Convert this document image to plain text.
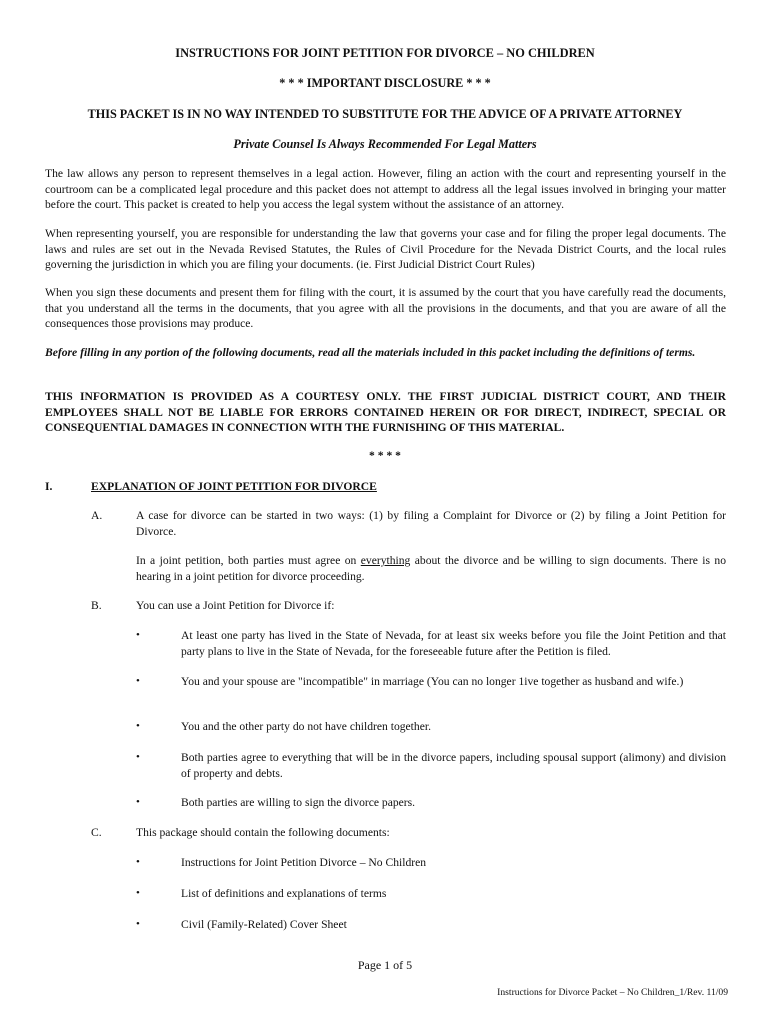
INSTRUCTIONS FOR JOINT PETITION FOR DIVORCE – NO CHILDREN
* * * IMPORTANT DISCLOSURE * * *
THIS PACKET IS IN NO WAY INTENDED TO SUBSTITUTE FOR THE ADVICE OF A PRIVATE ATTORNEY
Private Counsel Is Always Recommended For Legal Matters
The law allows any person to represent themselves in a legal action. However, filing an action with the court and representing yourself in the courtroom can be a complicated legal procedure and this packet does not attempt to address all the legal issues involved in bringing your matter before the court. This packet is created to help you access the legal system without the assistance of an attorney.
When representing yourself, you are responsible for understanding the law that governs your case and for filing the proper legal documents. The laws and rules are set out in the Nevada Revised Statutes, the Rules of Civil Procedure for the Nevada District Courts, and the local rules governing the jurisdiction in which you are filing your documents. (ie. First Judicial District Court Rules)
When you sign these documents and present them for filing with the court, it is assumed by the court that you have carefully read the documents, that you understand all the terms in the documents, that you agree with all the provisions in the documents, and that you are aware of all the consequences those provisions may produce.
Before filling in any portion of the following documents, read all the materials included in this packet including the definitions of terms.
THIS INFORMATION IS PROVIDED AS A COURTESY ONLY. THE FIRST JUDICIAL DISTRICT COURT, AND THEIR EMPLOYEES SHALL NOT BE LIABLE FOR ERRORS CONTAINED HEREIN OR FOR DIRECT, INDIRECT, SPECIAL OR CONSEQUENTIAL DAMAGES IN CONNECTION WITH THE FURNISHING OF THIS MATERIAL.
* * * *
I.	EXPLANATION OF JOINT PETITION FOR DIVORCE
A.	A case for divorce can be started in two ways: (1) by filing a Complaint for Divorce or (2) by filing a Joint Petition for Divorce.
In a joint petition, both parties must agree on everything about the divorce and be willing to sign documents. There is no hearing in a joint petition for divorce proceeding.
B.	You can use a Joint Petition for Divorce if:
•	At least one party has lived in the State of Nevada, for at least six weeks before you file the Joint Petition and that party plans to live in the State of Nevada, for the foreseeable future after the Petition is filed.
•	You and your spouse are "incompatible" in marriage (You can no longer 1ive together as husband and wife.)
•	You and the other party do not have children together.
•	Both parties agree to everything that will be in the divorce papers, including spousal support (alimony) and division of property and debts.
•	Both parties are willing to sign the divorce papers.
C.	This package should contain the following documents:
•	Instructions for Joint Petition Divorce – No Children
•	List of definitions and explanations of terms
•	Civil (Family-Related) Cover Sheet
Page 1 of 5
Instructions for Divorce Packet – No Children_1/Rev. 11/09
